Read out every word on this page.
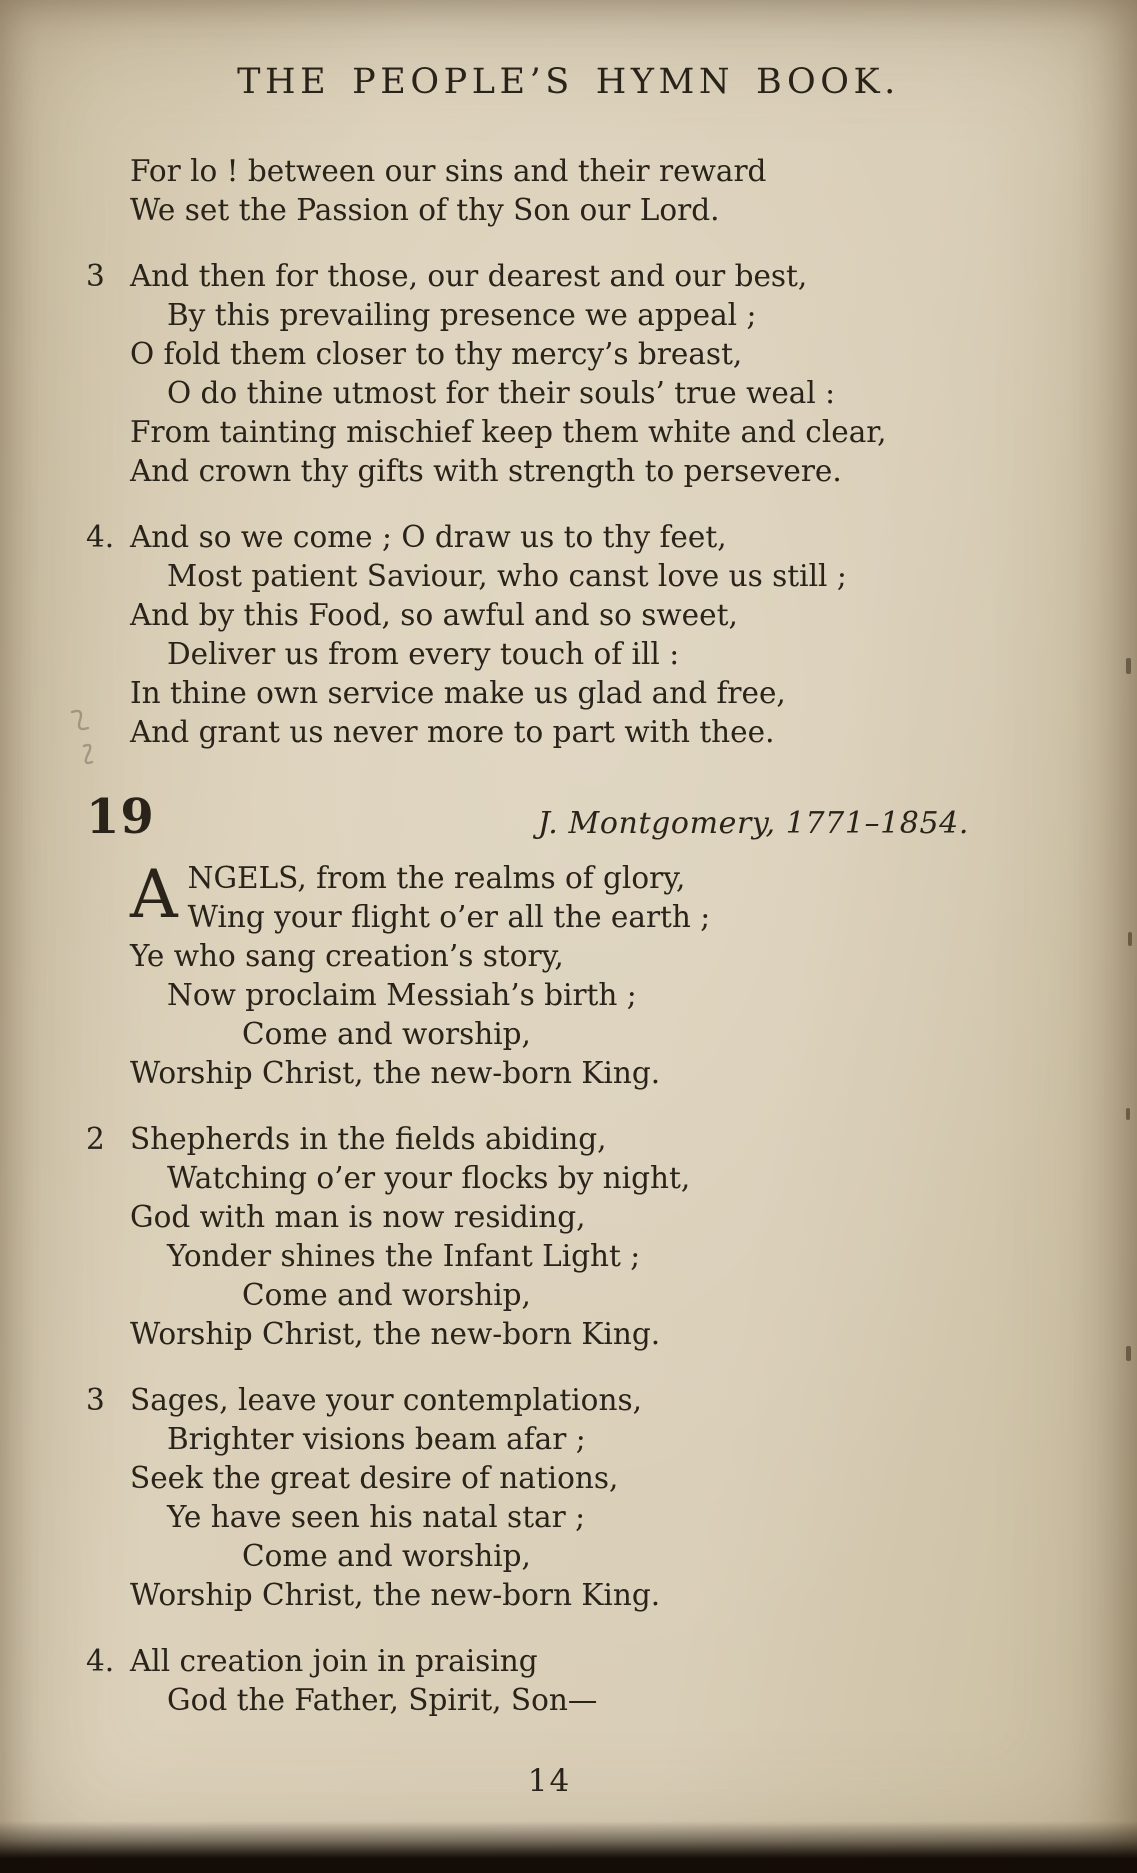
THE PEOPLE’S HYMN BOOK.
For lo ! between our sins and their reward
We set the Passion of thy Son our Lord.
3 And then for those, our dearest and our best,
By this prevailing presence we appeal ;
O fold them closer to thy mercy’s breast,
O do thine utmost for their souls’ true weal :
From tainting mischief keep them white and clear,
And crown thy gifts with strength to persevere.
4. And so we come ; O draw us to thy feet,
Most patient Saviour, who canst love us still ;
And by this Food, so awful and so sweet,
Deliver us from every touch of ill :
In thine own service make us glad and free,
And grant us never more to part with thee.
19	J. Montgomery, 1771–1854.
A NGELS, from the realms of glory,
Wing your flight o’er all the earth ;
Ye who sang creation’s story,
Now proclaim Messiah’s birth ;
Come and worship,
Worship Christ, the new-born King.
2 Shepherds in the fields abiding,
Watching o’er your flocks by night,
God with man is now residing,
Yonder shines the Infant Light ;
Come and worship,
Worship Christ, the new-born King.
3 Sages, leave your contemplations,
Brighter visions beam afar ;
Seek the great desire of nations,
Ye have seen his natal star ;
Come and worship,
Worship Christ, the new-born King.
4. All creation join in praising
God the Father, Spirit, Son—
14
